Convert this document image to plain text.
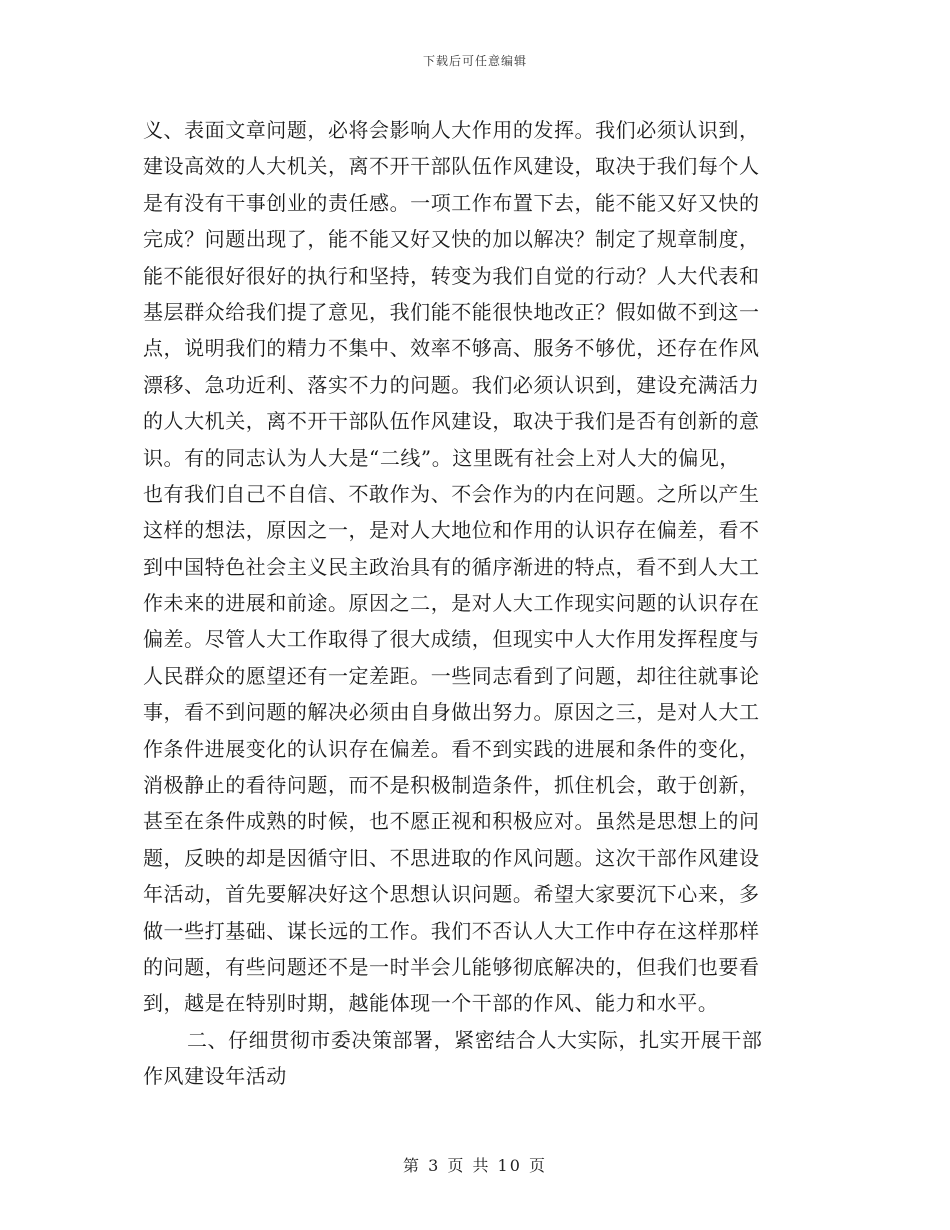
下载后可任意编辑
义、表面文章问题，必将会影响人大作用的发挥。我们必须认识到，
建设高效的人大机关，离不开干部队伍作风建设，取决于我们每个人
是有没有干事创业的责任感。一项工作布置下去，能不能又好又快的
完成？问题出现了，能不能又好又快的加以解决？制定了规章制度，
能不能很好很好的执行和坚持，转变为我们自觉的行动？人大代表和
基层群众给我们提了意见，我们能不能很快地改正？假如做不到这一
点，说明我们的精力不集中、效率不够高、服务不够优，还存在作风
漂移、急功近利、落实不力的问题。我们必须认识到，建设充满活力
的人大机关，离不开干部队伍作风建设，取决于我们是否有创新的意
识。有的同志认为人大是“二线”。这里既有社会上对人大的偏见，
也有我们自己不自信、不敢作为、不会作为的内在问题。之所以产生
这样的想法，原因之一，是对人大地位和作用的认识存在偏差，看不
到中国特色社会主义民主政治具有的循序渐进的特点，看不到人大工
作未来的进展和前途。原因之二，是对人大工作现实问题的认识存在
偏差。尽管人大工作取得了很大成绩，但现实中人大作用发挥程度与
人民群众的愿望还有一定差距。一些同志看到了问题，却往往就事论
事，看不到问题的解决必须由自身做出努力。原因之三，是对人大工
作条件进展变化的认识存在偏差。看不到实践的进展和条件的变化，
消极静止的看待问题，而不是积极制造条件，抓住机会，敢于创新，
甚至在条件成熟的时候，也不愿正视和积极应对。虽然是思想上的问
题，反映的却是因循守旧、不思进取的作风问题。这次干部作风建设
年活动，首先要解决好这个思想认识问题。希望大家要沉下心来，多
做一些打基础、谋长远的工作。我们不否认人大工作中存在这样那样
的问题，有些问题还不是一时半会儿能够彻底解决的，但我们也要看
到，越是在特别时期，越能体现一个干部的作风、能力和水平。
二、仔细贯彻市委决策部署，紧密结合人大实际，扎实开展干部
作风建设年活动
第 3 页 共 10 页
